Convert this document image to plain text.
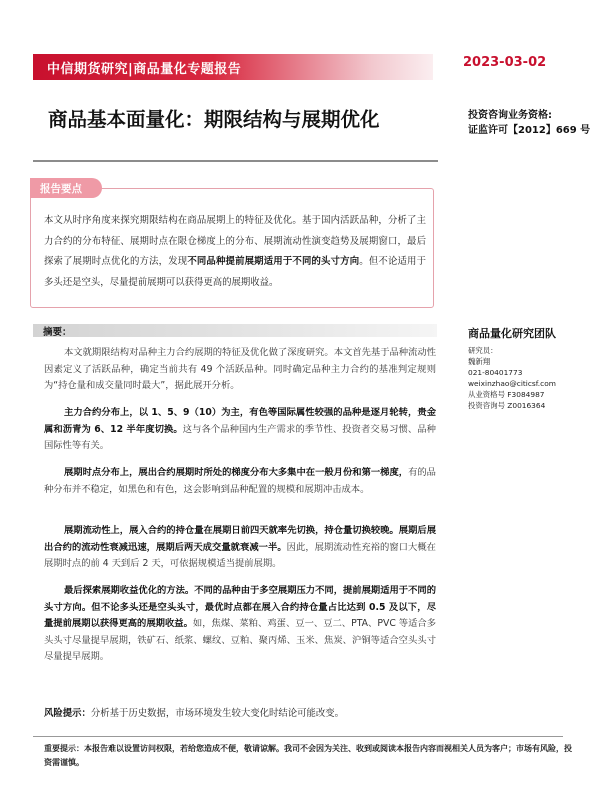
中信期货研究|商品量化专题报告	2023-03-02
商品基本面量化：期限结构与展期优化	投资咨询业务资格:
证监许可【2012】669 号
报告要点
本文从时序角度来探究期限结构在商品展期上的特征及优化。基于国内活跃品种，分析了主力合约的分布特征、展期时点在限仓梯度上的分布、展期流动性演变趋势及展期窗口，最后探索了展期时点优化的方法，发现不同品种提前展期适用于不同的头寸方向。但不论适用于多头还是空头，尽量提前展期可以获得更高的展期收益。
摘要：
本文就期限结构对品种主力合约展期的特征及优化做了深度研究。本文首先基于品种流动性因素定义了活跃品种，确定当前共有 49 个活跃品种。同时确定品种主力合约的基准判定规则为“持仓量和成交量同时最大”，据此展开分析。
主力合约分布上，以 1、5、9（10）为主，有色等国际属性较强的品种是逐月轮转，贵金属和沥青为 6、12 半年度切换。这与各个品种国内生产需求的季节性、投资者交易习惯、品种国际性等有关。
展期时点分布上，展出合约展期时所处的梯度分布大多集中在一般月份和第一梯度，有的品种分布并不稳定，如黑色和有色，这会影响到品种配置的规模和展期冲击成本。
展期流动性上，展入合约的持仓量在展期日前四天就率先切换，持仓量切换较晚。展期后展出合约的流动性衰减迅速，展期后两天成交量就衰减一半。因此，展期流动性充裕的窗口大概在展期时点的前 4 天到后 2 天，可依据规模适当提前展期。
最后探索展期收益优化的方法。不同的品种由于多空展期压力不同，提前展期适用于不同的头寸方向。但不论多头还是空头头寸，最优时点都在展入合约持仓量占比达到 0.5 及以下，尽量提前展期以获得更高的展期收益。如，焦煤、菜粕、鸡蛋、豆一、豆二、PTA、PVC 等适合多头头寸尽量提早展期，铁矿石、纸浆、螺纹、豆粕、聚丙烯、玉米、焦炭、沪铜等适合空头头寸尽量提早展期。
商品量化研究团队
研究员：
魏新翔
021-80401773
weixinzhao@citicsf.com
从业资格号 F3084987
投资咨询号 Z0016364
风险提示：分析基于历史数据，市场环境发生较大变化时结论可能改变。
重要提示：本报告难以设置访问权限，若给您造成不便，敬请谅解。我司不会因为关注、收到或阅读本报告内容而视相关人员为客户；市场有风险，投资需谨慎。
